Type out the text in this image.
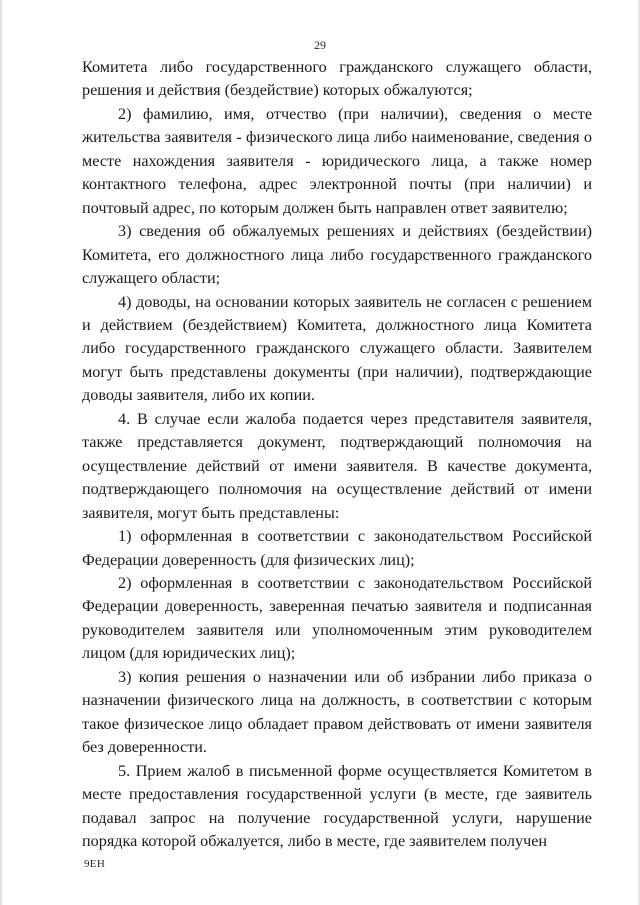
29

Комитета либо государственного гражданского служащего области, решения и действия (бездействие) которых обжалуются;

2) фамилию, имя, отчество (при наличии), сведения о месте жительства заявителя - физического лица либо наименование, сведения о месте нахождения заявителя - юридического лица, а также номер контактного телефона, адрес электронной почты (при наличии) и почтовый адрес, по которым должен быть направлен ответ заявителю;

3) сведения об обжалуемых решениях и действиях (бездействии) Комитета, его должностного лица либо государственного гражданского служащего области;

4) доводы, на основании которых заявитель не согласен с решением и действием (бездействием) Комитета, должностного лица Комитета либо государственного гражданского служащего области. Заявителем могут быть представлены документы (при наличии), подтверждающие доводы заявителя, либо их копии.

4. В случае если жалоба подается через представителя заявителя, также представляется документ, подтверждающий полномочия на осуществление действий от имени заявителя. В качестве документа, подтверждающего полномочия на осуществление действий от имени заявителя, могут быть представлены:

1) оформленная в соответствии с законодательством Российской Федерации доверенность (для физических лиц);

2) оформленная в соответствии с законодательством Российской Федерации доверенность, заверенная печатью заявителя и подписанная руководителем заявителя или уполномоченным этим руководителем лицом (для юридических лиц);

3) копия решения о назначении или об избрании либо приказа о назначении физического лица на должность, в соответствии с которым такое физическое лицо обладает правом действовать от имени заявителя без доверенности.

5. Прием жалоб в письменной форме осуществляется Комитетом в месте предоставления государственной услуги (в месте, где заявитель подавал запрос на получение государственной услуги, нарушение порядка которой обжалуется, либо в месте, где заявителем получен

9ЕН
